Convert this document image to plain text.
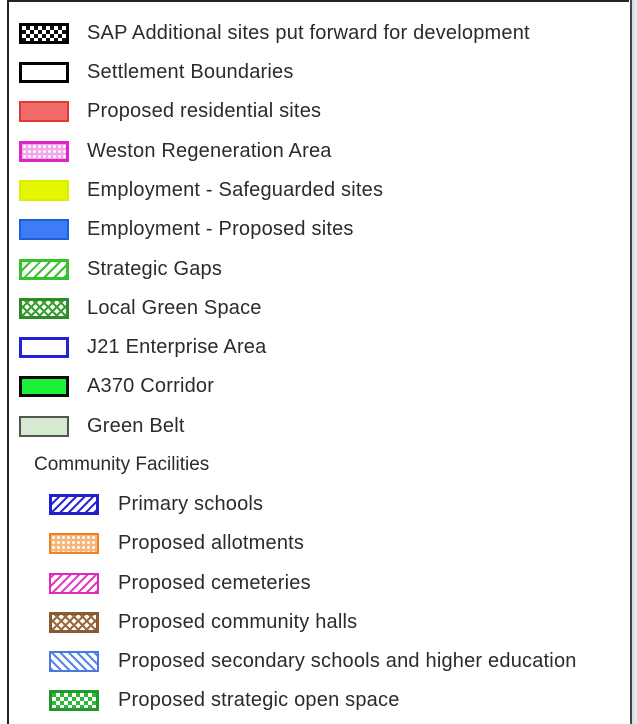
SAP Additional sites put forward for development
Settlement Boundaries
Proposed residential sites
Weston Regeneration Area
Employment - Safeguarded sites
Employment - Proposed sites
Strategic Gaps
Local Green Space
J21 Enterprise Area
A370 Corridor
Green Belt
Community Facilities
Primary schools
Proposed allotments
Proposed cemeteries
Proposed community halls
Proposed secondary schools and higher education
Proposed strategic open space
